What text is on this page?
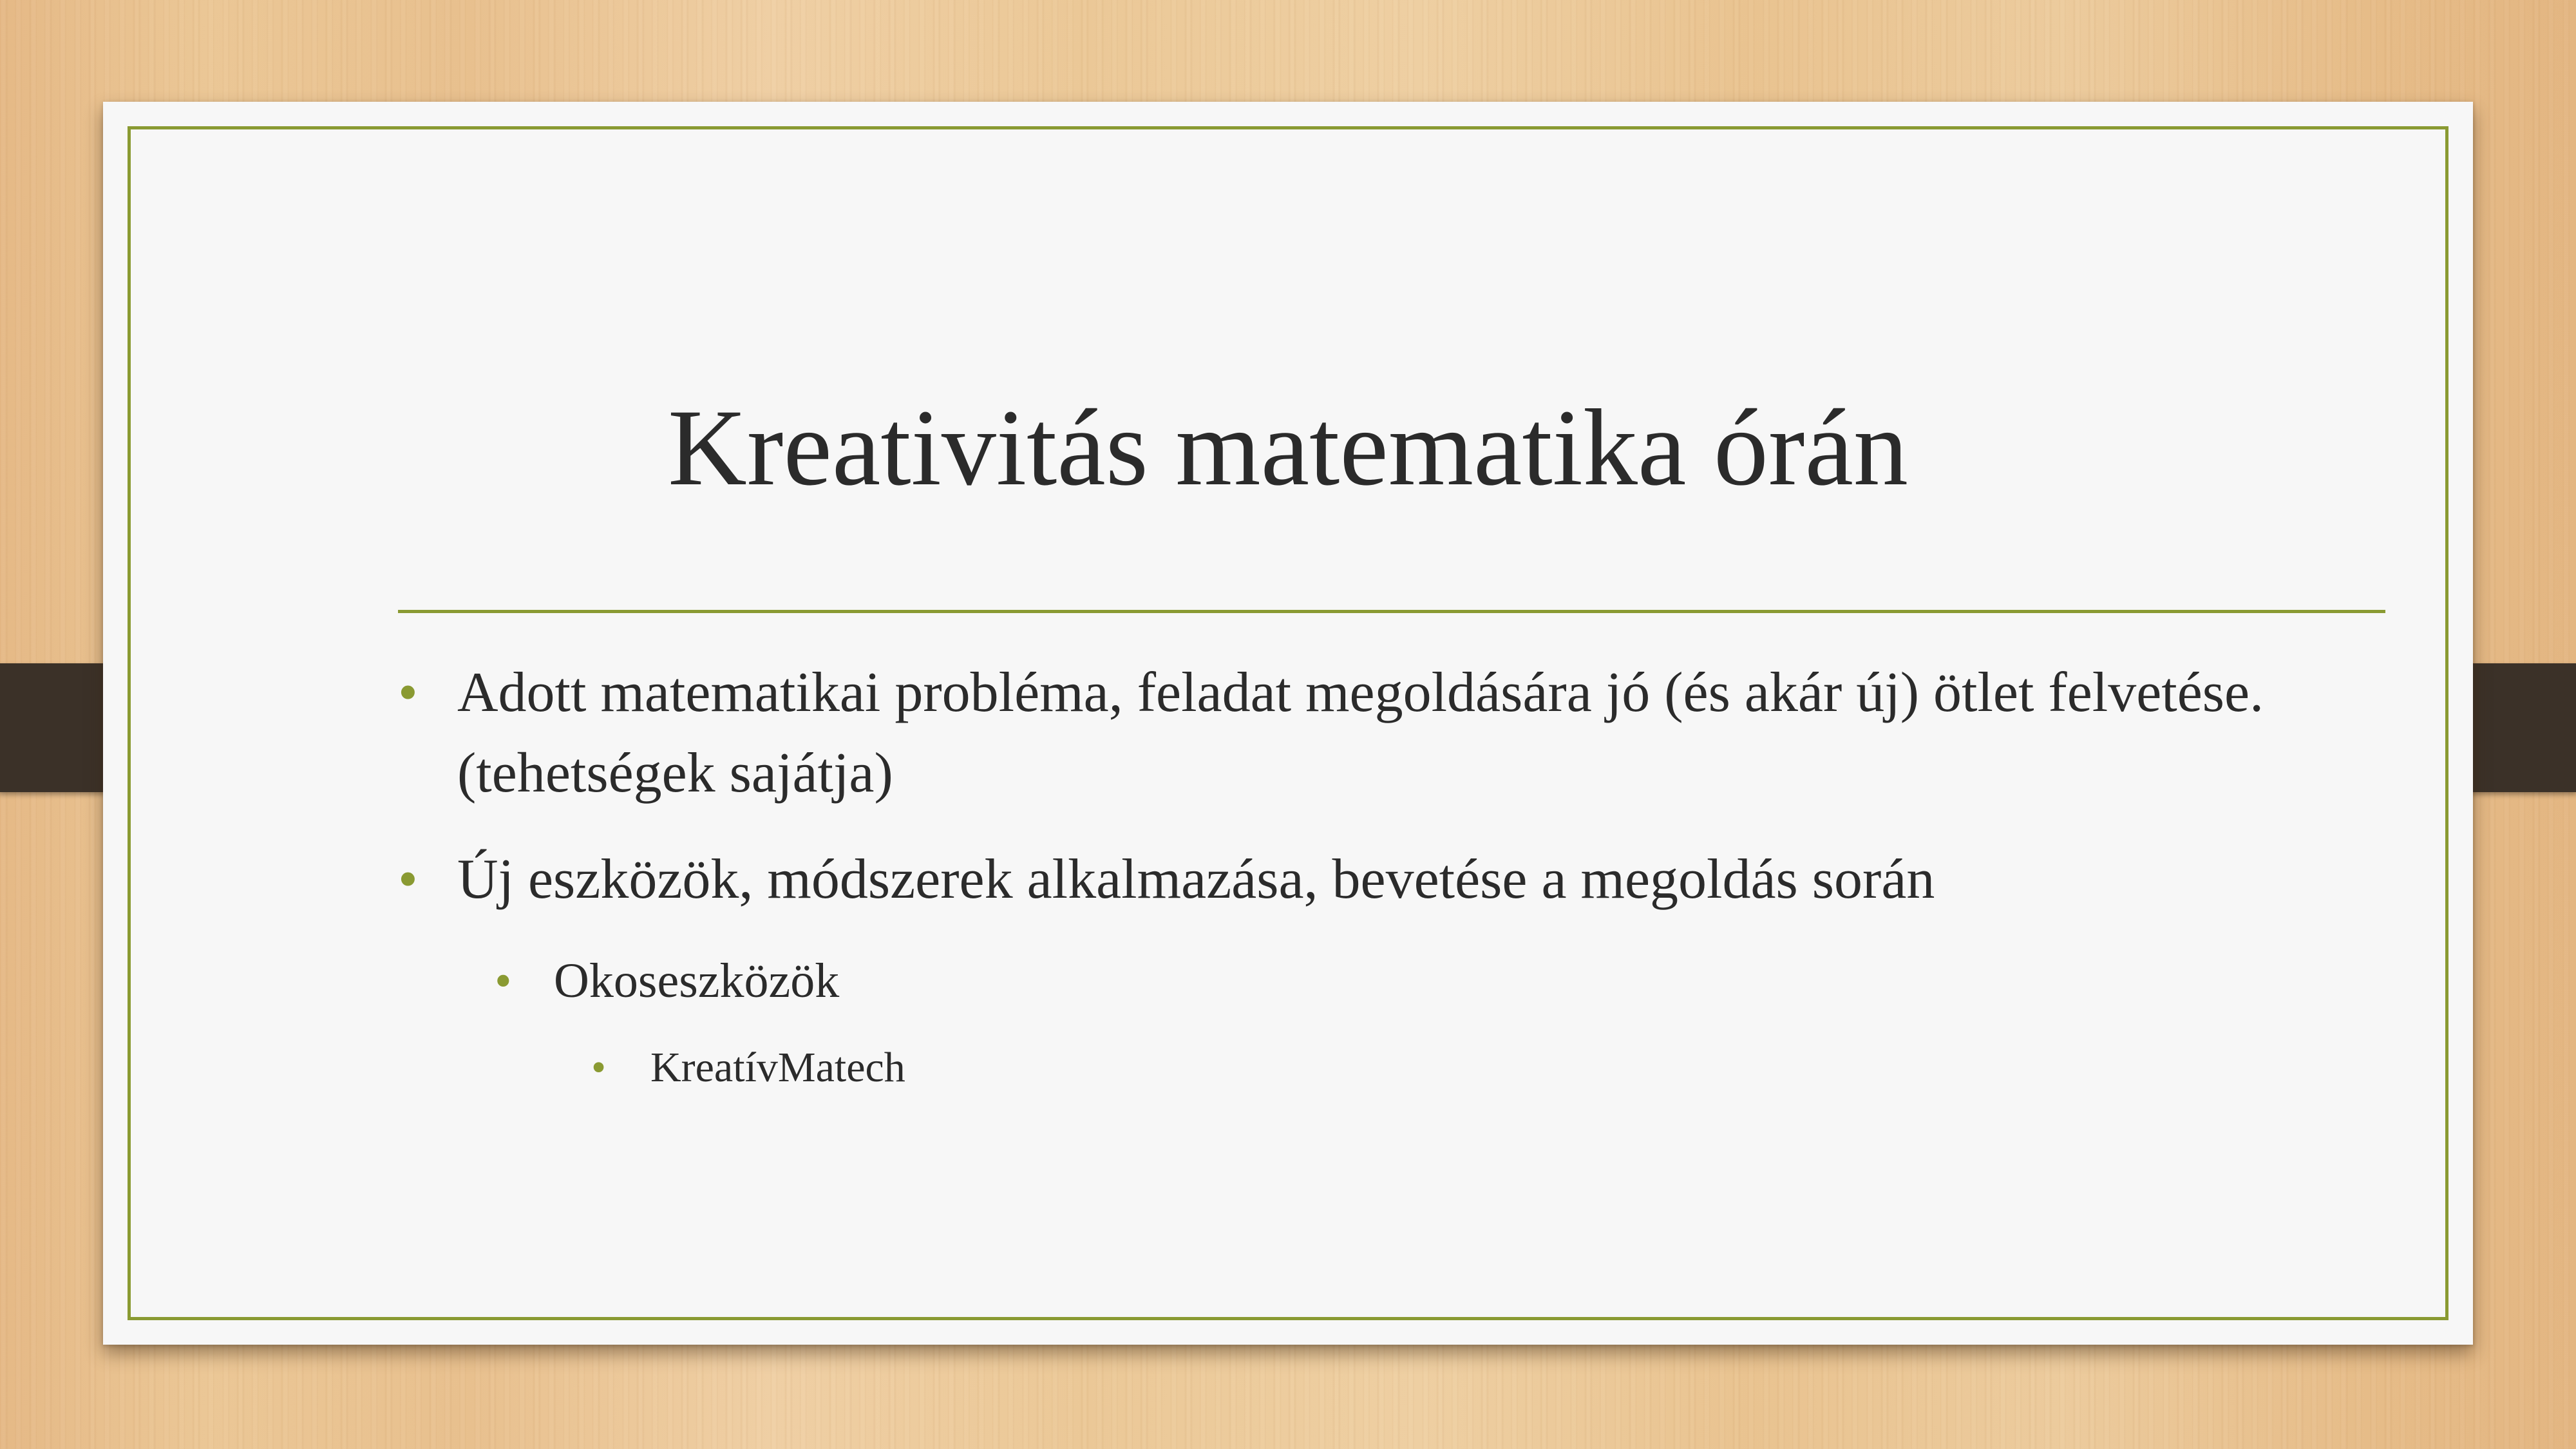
Kreativitás matematika órán

• Adott matematikai probléma, feladat megoldására jó (és akár új) ötlet felvetése. (tehetségek sajátja)

• Új eszközök, módszerek alkalmazása, bevetése a megoldás során

• Okoseszközök

• KreatívMatech
